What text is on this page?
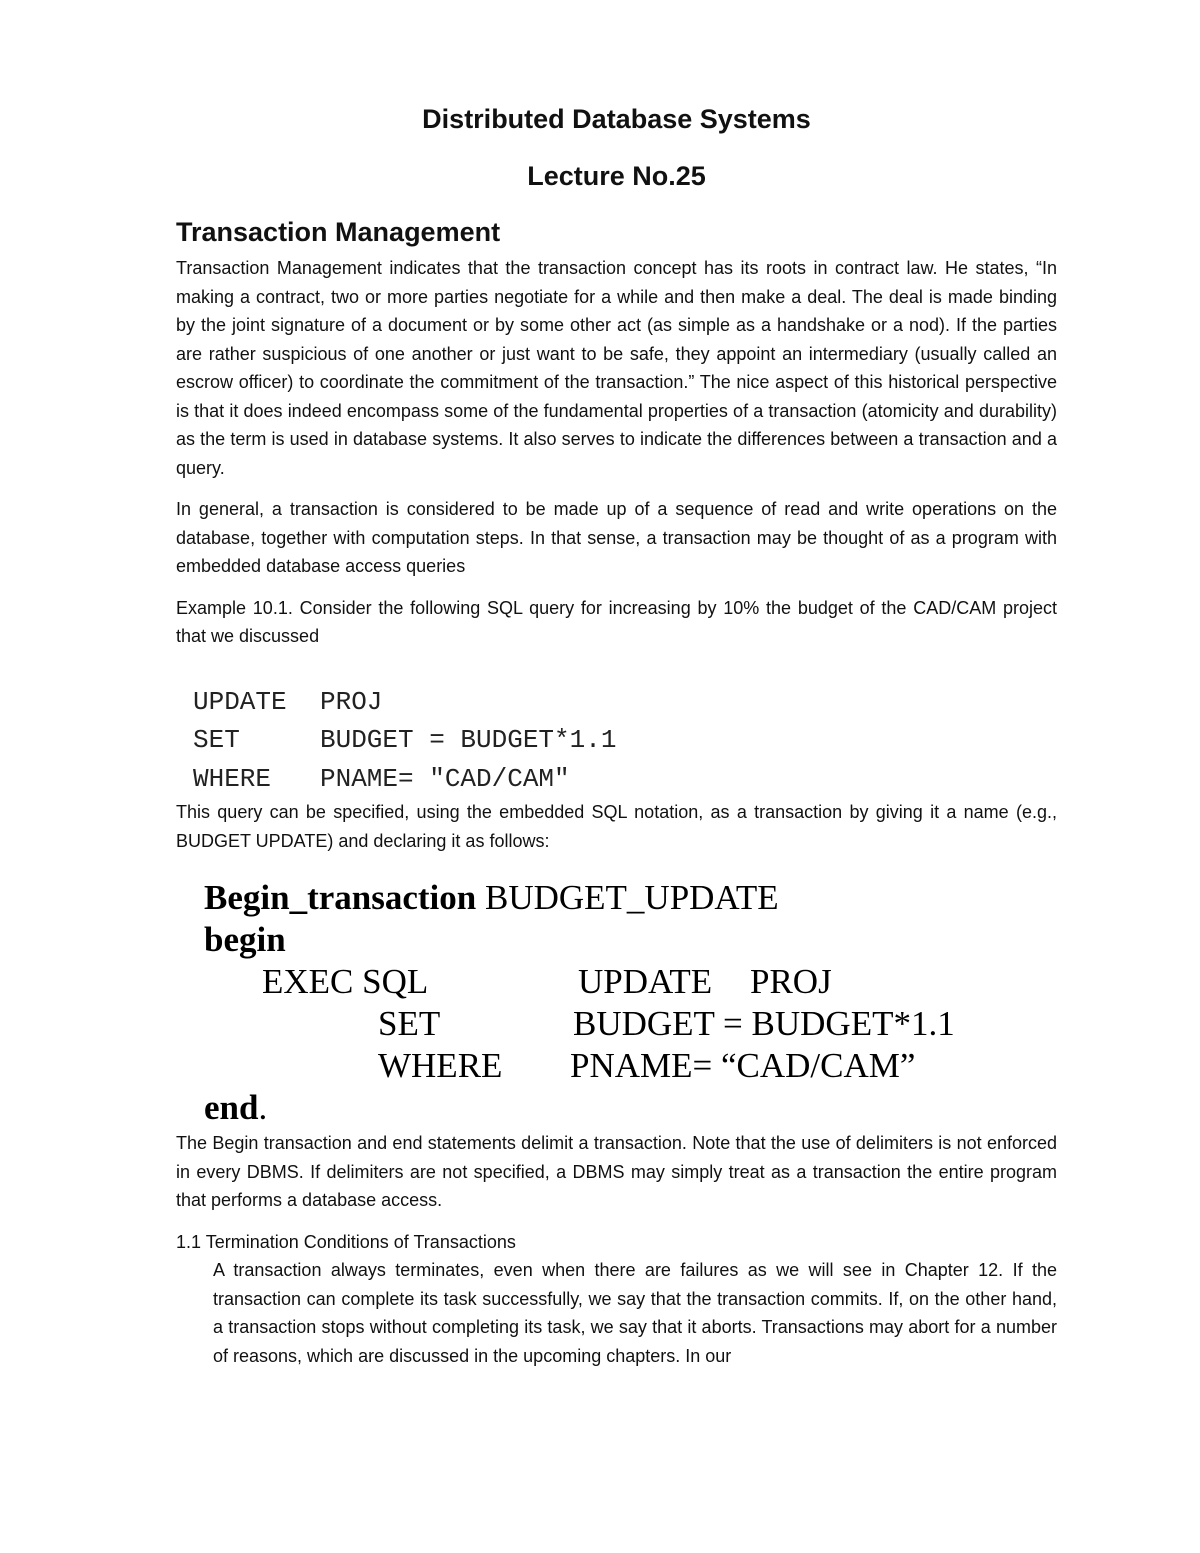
Distributed Database Systems
Lecture No.25
Transaction Management

Transaction Management indicates that the transaction concept has its roots in contract law. He states, “In making a contract, two or more parties negotiate for a while and then make a deal. The deal is made binding by the joint signature of a document or by some other act (as simple as a handshake or a nod). If the parties are rather suspicious of one another or just want to be safe, they appoint an intermediary (usually called an escrow officer) to coordinate the commitment of the transaction.” The nice aspect of this historical perspective is that it does indeed encompass some of the fundamental properties of a transaction (atomicity and durability) as the term is used in database systems. It also serves to indicate the differences between a transaction and a query.

In general, a transaction is considered to be made up of a sequence of read and write operations on the database, together with computation steps. In that sense, a transaction may be thought of as a program with embedded database access queries

Example 10.1. Consider the following SQL query for increasing by 10% the budget of the CAD/CAM project that we discussed

UPDATE	PROJ
SET	BUDGET = BUDGET*1.1
WHERE	PNAME= "CAD/CAM"

This query can be specified, using the embedded SQL notation, as a transaction by giving it a name (e.g., BUDGET UPDATE) and declaring it as follows:

Begin_transaction
BUDGET_UPDATE
begin
EXEC SQL	UPDATE	PROJ
SET	BUDGET = BUDGET*1.1
WHERE	PNAME= “CAD/CAM”
end .

The Begin transaction and end statements delimit a transaction. Note that the use of delimiters is not enforced in every DBMS. If delimiters are not specified, a DBMS may simply treat as a transaction the entire program that performs a database access.

1.1 Termination Conditions of Transactions

A transaction always terminates, even when there are failures as we will see in Chapter 12. If the transaction can complete its task successfully, we say that the transaction commits. If, on the other hand, a transaction stops without completing its task, we say that it aborts. Transactions may abort for a number of reasons, which are discussed in the upcoming chapters. In our
